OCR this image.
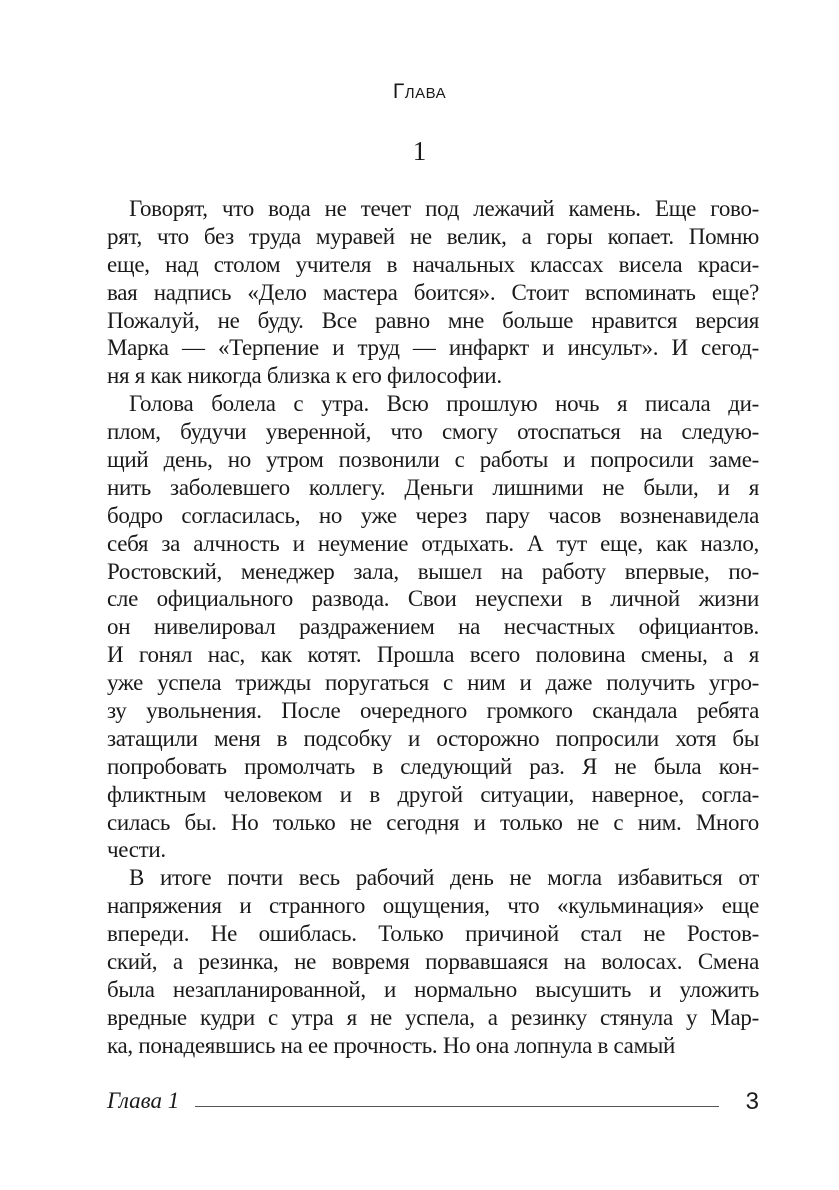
Глава
1
Говорят, что вода не течет под лежачий камень. Еще гово-
рят, что без труда муравей не велик, а горы копает. Помню
еще, над столом учителя в начальных классах висела краси-
вая надпись «Дело мастера боится». Стоит вспоминать еще?
Пожалуй, не буду. Все равно мне больше нравится версия
Марка — «Терпение и труд — инфаркт и инсульт». И сегод-
ня я как никогда близка к его философии.
Голова болела с утра. Всю прошлую ночь я писала ди-
плом, будучи уверенной, что смогу отоспаться на следую-
щий день, но утром позвонили с работы и попросили заме-
нить заболевшего коллегу. Деньги лишними не были, и я
бодро согласилась, но уже через пару часов возненавидела
себя за алчность и неумение отдыхать. А тут еще, как назло,
Ростовский, менеджер зала, вышел на работу впервые, по-
сле официального развода. Свои неуспехи в личной жизни
он нивелировал раздражением на несчастных официантов.
И гонял нас, как котят. Прошла всего половина смены, а я
уже успела трижды поругаться с ним и даже получить угро-
зу увольнения. После очередного громкого скандала ребята
затащили меня в подсобку и осторожно попросили хотя бы
попробовать промолчать в следующий раз. Я не была кон-
фликтным человеком и в другой ситуации, наверное, согла-
силась бы. Но только не сегодня и только не с ним. Много
чести.
В итоге почти весь рабочий день не могла избавиться от
напряжения и странного ощущения, что «кульминация» еще
впереди. Не ошиблась. Только причиной стал не Ростов-
ский, а резинка, не вовремя порвавшаяся на волосах. Смена
была незапланированной, и нормально высушить и уложить
вредные кудри с утра я не успела, а резинку стянула у Мар-
ка, понадеявшись на ее прочность. Но она лопнула в самый
Глава 1	3
